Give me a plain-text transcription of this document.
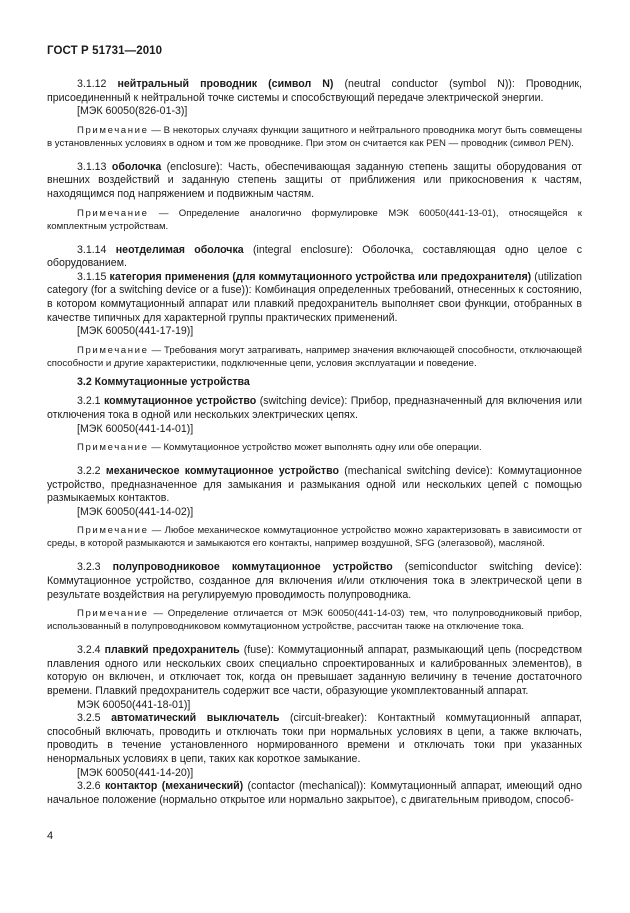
ГОСТ Р 51731—2010

3.1.12 нейтральный проводник (символ N) (neutral conductor (symbol N)): Проводник, присоединенный к нейтральной точке системы и способствующий передаче электрической энергии.

[МЭК 60050(826-01-3)]

Примечание — В некоторых случаях функции защитного и нейтрального проводника могут быть совмещены в установленных условиях в одном и том же проводнике. При этом он считается как PEN — проводник (символ PEN).

3.1.13 оболочка (enclosure): Часть, обеспечивающая заданную степень защиты оборудования от внешних воздействий и заданную степень защиты от приближения или прикосновения к частям, находящимся под напряжением и подвижным частям.

Примечание — Определение аналогично формулировке МЭК 60050(441-13-01), относящейся к комплектным устройствам.

3.1.14 неотделимая оболочка (integral enclosure): Оболочка, составляющая одно целое с оборудованием.

3.1.15 категория применения (для коммутационного устройства или предохранителя) (utilization category (for a switching device or a fuse)): Комбинация определенных требований, отнесенных к состоянию, в котором коммутационный аппарат или плавкий предохранитель выполняет свои функции, отобранных в качестве типичных для характерной группы практических применений.

[МЭК 60050(441-17-19)]

Примечание — Требования могут затрагивать, например значения включающей способности, отключающей способности и другие характеристики, подключенные цепи, условия эксплуатации и поведение.

3.2 Коммутационные устройства

3.2.1 коммутационное устройство (switching device): Прибор, предназначенный для включения или отключения тока в одной или нескольких электрических цепях.

[МЭК 60050(441-14-01)]

Примечание — Коммутационное устройство может выполнять одну или обе операции.

3.2.2 механическое коммутационное устройство (mechanical switching device): Коммутационное устройство, предназначенное для замыкания и размыкания одной или нескольких цепей с помощью размыкаемых контактов.

[МЭК 60050(441-14-02)]

Примечание — Любое механическое коммутационное устройство можно характеризовать в зависимости от среды, в которой размыкаются и замыкаются его контакты, например воздушной, SFG (элегазовой), масляной.

3.2.3 полупроводниковое коммутационное устройство (semiconductor switching device): Коммутационное устройство, созданное для включения и/или отключения тока в электрической цепи в результате воздействия на регулируемую проводимость полупроводника.

Примечание — Определение отличается от МЭК 60050(441-14-03) тем, что полупроводниковый прибор, использованный в полупроводниковом коммутационном устройстве, рассчитан также на отключение тока.

3.2.4 плавкий предохранитель (fuse): Коммутационный аппарат, размыкающий цепь (посредством плавления одного или нескольких своих специально спроектированных и калиброванных элементов), в которую он включен, и отключает ток, когда он превышает заданную величину в течение достаточного времени. Плавкий предохранитель содержит все части, образующие укомплектованный аппарат.

МЭК 60050(441-18-01)]

3.2.5 автоматический выключатель (circuit-breaker): Контактный коммутационный аппарат, способный включать, проводить и отключать токи при нормальных условиях в цепи, а также включать, проводить в течение установленного нормированного времени и отключать токи при указанных ненормальных условиях в цепи, таких как короткое замыкание.

[МЭК 60050(441-14-20)]

3.2.6 контактор (механический) (contactor (mechanical)): Коммутационный аппарат, имеющий одно начальное положение (нормально открытое или нормально закрытое), с двигательным приводом, способ-

4
